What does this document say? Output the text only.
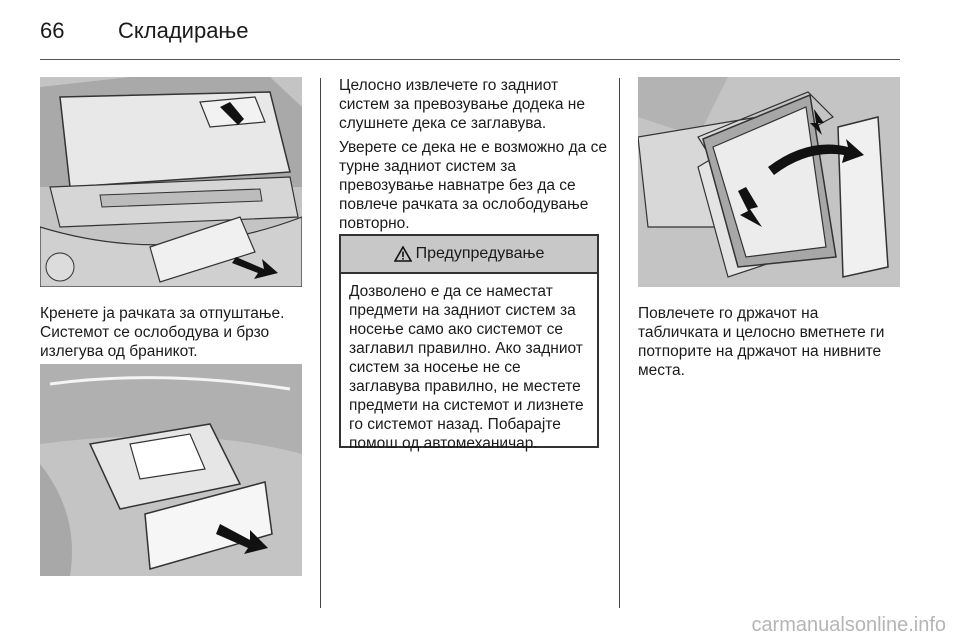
66 Складирање

Кренете ја рачката за отпуштање. Системот се ослободува и брзо излегува од браникот.

Целосно извлечете го задниот систем за превозување додека не слушнете дека се заглавува.

Уверете се дека не е возможно да се турне задниот систем за превозување навнатре без да се повлече рачката за ослободување повторно.

Предупредување

Дозволено е да се наместат предмети на задниот систем за носење само ако системот се заглавил правилно. Ако задниот систем за носење не се заглавува правилно, не местете предмети на системот и лизнете го системот назад. Побарајте помош од автомеханичар.

Повлечете го држачот на табличката и целосно вметнете ги потпорите на држачот на нивните места.

carmanualsonline.info
